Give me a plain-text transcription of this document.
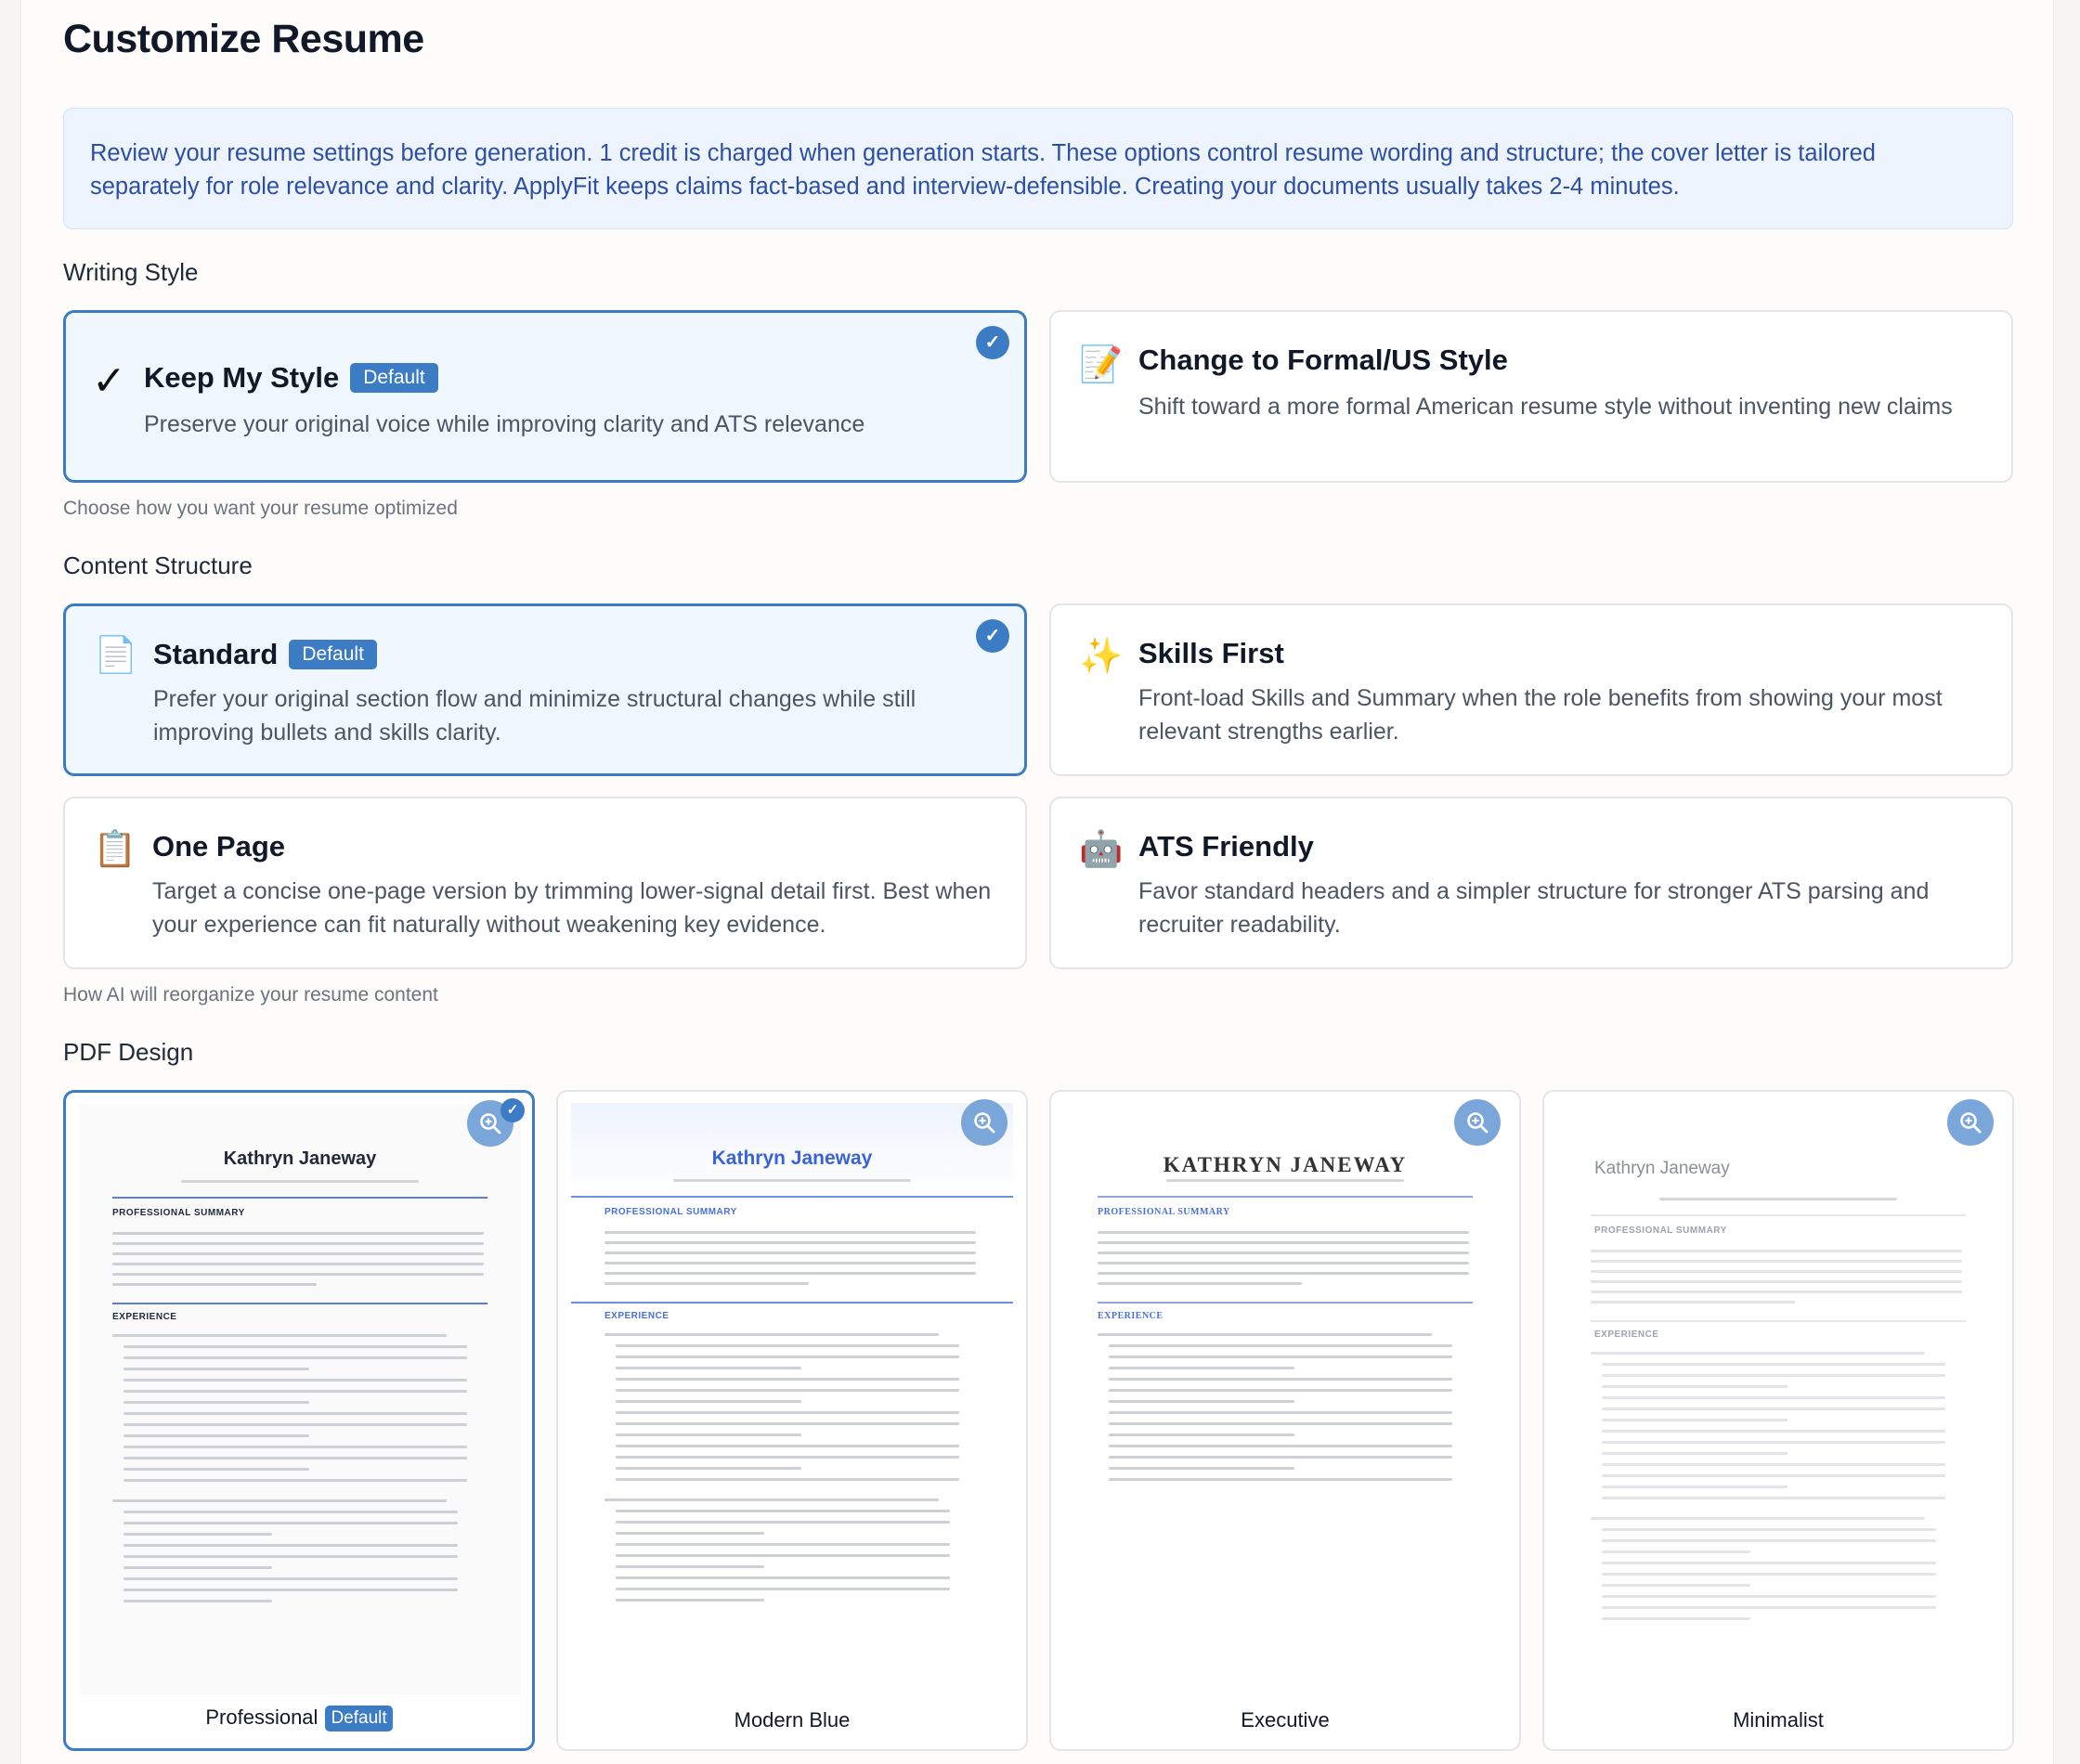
Customize Resume
Review your resume settings before generation. 1 credit is charged when generation starts. These options control resume wording and structure; the cover letter is tailored separately for role relevance and clarity. ApplyFit keeps claims fact-based and interview-defensible. Creating your documents usually takes 2-4 minutes.
Writing Style
✓ Keep My Style Default
Preserve your original voice while improving clarity and ATS relevance
✓
📝 Change to Formal/US Style
Shift toward a more formal American resume style without inventing new claims
Choose how you want your resume optimized
Content Structure
📄 Standard Default
Prefer your original section flow and minimize structural changes while still improving bullets and skills clarity.
✓
✨ Skills First
Front-load Skills and Summary when the role benefits from showing your most relevant strengths earlier.
📋 One Page
Target a concise one-page version by trimming lower-signal detail first. Best when your experience can fit naturally without weakening key evidence.
🤖 ATS Friendly
Favor standard headers and a simpler structure for stronger ATS parsing and recruiter readability.
How AI will reorganize your resume content
PDF Design
Kathryn Janeway
PROFESSIONAL SUMMARY
EXPERIENCE
✓
Professional Default
Kathryn Janeway
PROFESSIONAL SUMMARY
EXPERIENCE
Modern Blue
KATHRYN JANEWAY
PROFESSIONAL SUMMARY
EXPERIENCE
Executive
Kathryn Janeway
PROFESSIONAL SUMMARY
EXPERIENCE
Minimalist
